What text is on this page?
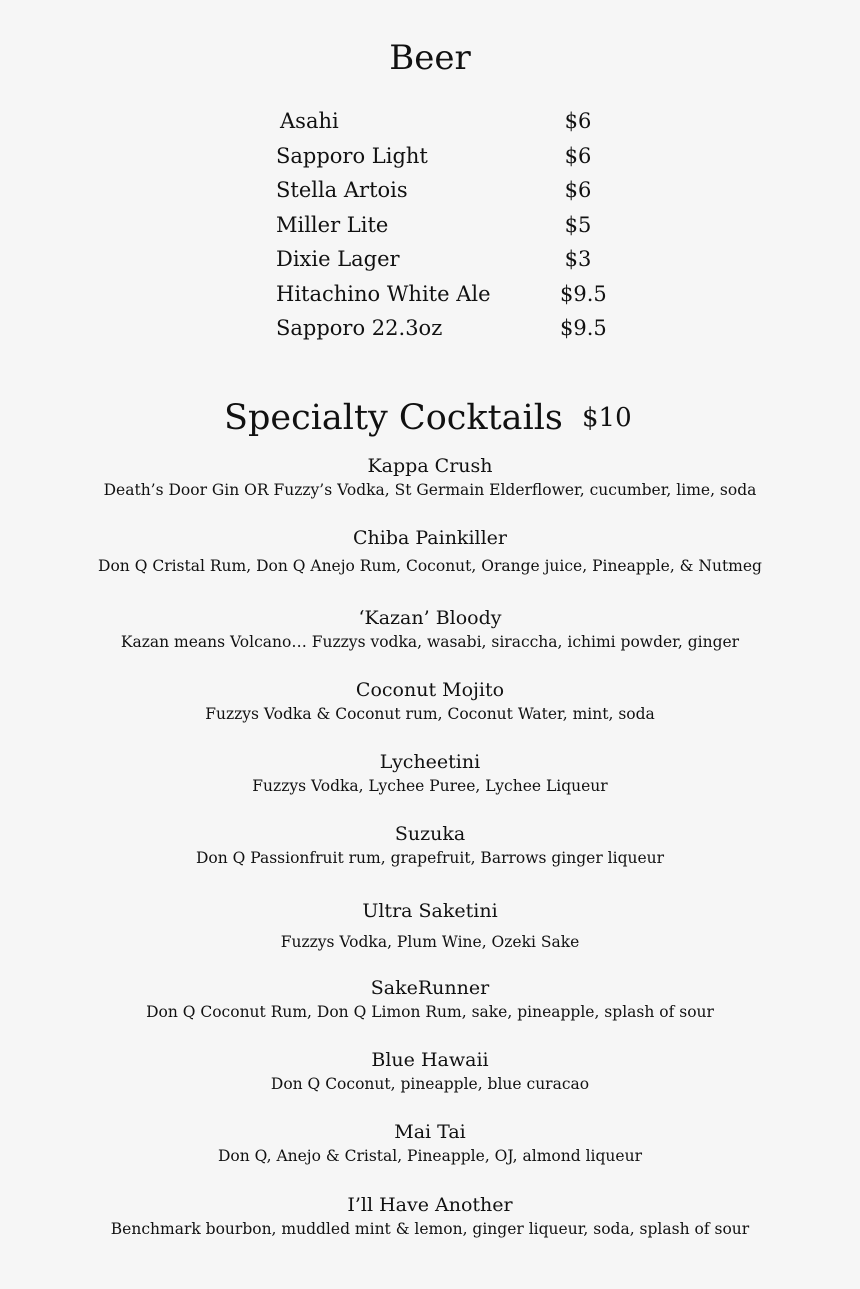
Beer
Asahi	$6
Sapporo Light	$6
Stella Artois	$6
Miller Lite	$5
Dixie Lager	$3
Hitachino White Ale	$9.5
Sapporo 22.3oz	$9.5
Specialty Cocktails $10
Kappa Crush
Death’s Door Gin OR Fuzzy’s Vodka, St Germain Elderflower, cucumber, lime, soda
Chiba Painkiller
Don Q Cristal Rum, Don Q Anejo Rum, Coconut, Orange juice, Pineapple, & Nutmeg
‘Kazan’ Bloody
Kazan means Volcano… Fuzzys vodka, wasabi, siraccha, ichimi powder, ginger
Coconut Mojito
Fuzzys Vodka & Coconut rum, Coconut Water, mint, soda
Lycheetini
Fuzzys Vodka, Lychee Puree, Lychee Liqueur
Suzuka
Don Q Passionfruit rum, grapefruit, Barrows ginger liqueur
Ultra Saketini
Fuzzys Vodka, Plum Wine, Ozeki Sake
SakeRunner
Don Q Coconut Rum, Don Q Limon Rum, sake, pineapple, splash of sour
Blue Hawaii
Don Q Coconut, pineapple, blue curacao
Mai Tai
Don Q, Anejo & Cristal, Pineapple, OJ, almond liqueur
I’ll Have Another
Benchmark bourbon, muddled mint & lemon, ginger liqueur, soda, splash of sour
